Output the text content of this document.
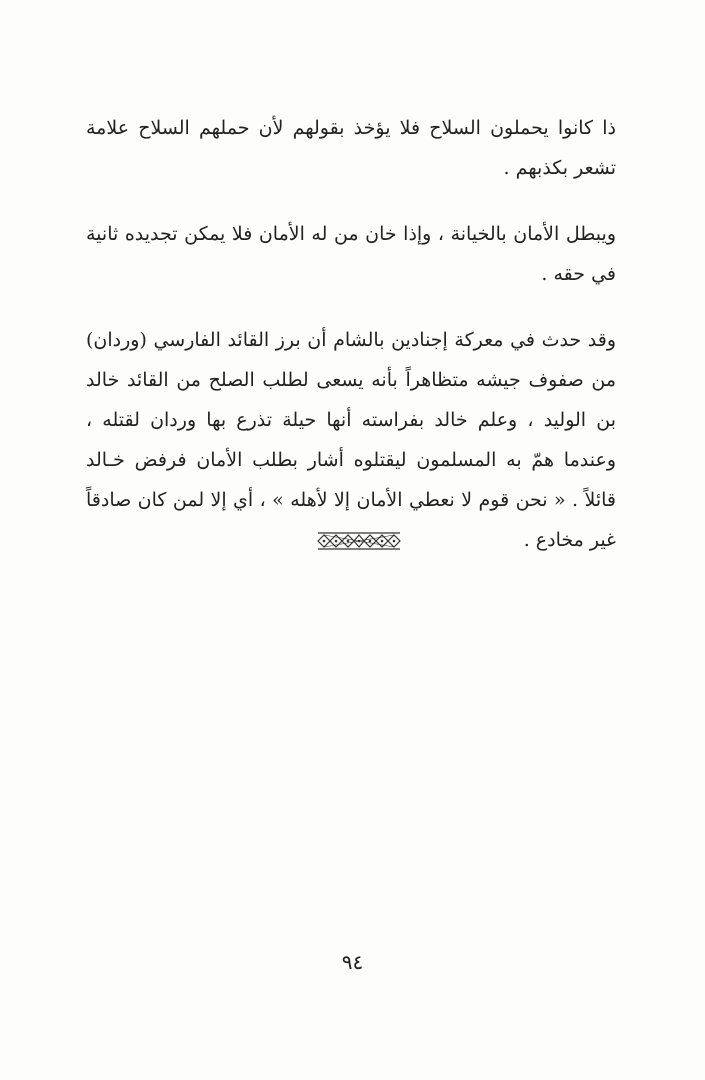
ذا كانوا يحملون السلاح فلا يؤخذ بقولهم لأن حملهم السلاح علامة تشعر بكذبهم .

ويبطل الأمان بالخيانة ، وإذا خان من له الأمان فلا يمكن تجديده ثانية في حقه .

وقد حدث في معركة إجنادين بالشام أن برز القائد الفارسي (وردان) من صفوف جيشه متظاهراً بأنه يسعى لطلب الصلح من القائد خالد بن الوليد ، وعلم خالد بفراسته أنها حيلة تذرع بها وردان لقتله ، وعندما همّ به المسلمون ليقتلوه أشار بطلب الأمان فرفض خـالد قائلاً . « نحن قوم لا نعطي الأمان إلا لأهله » ، أي إلا لمن كان صادقاً غير مخادع .

٩٤
